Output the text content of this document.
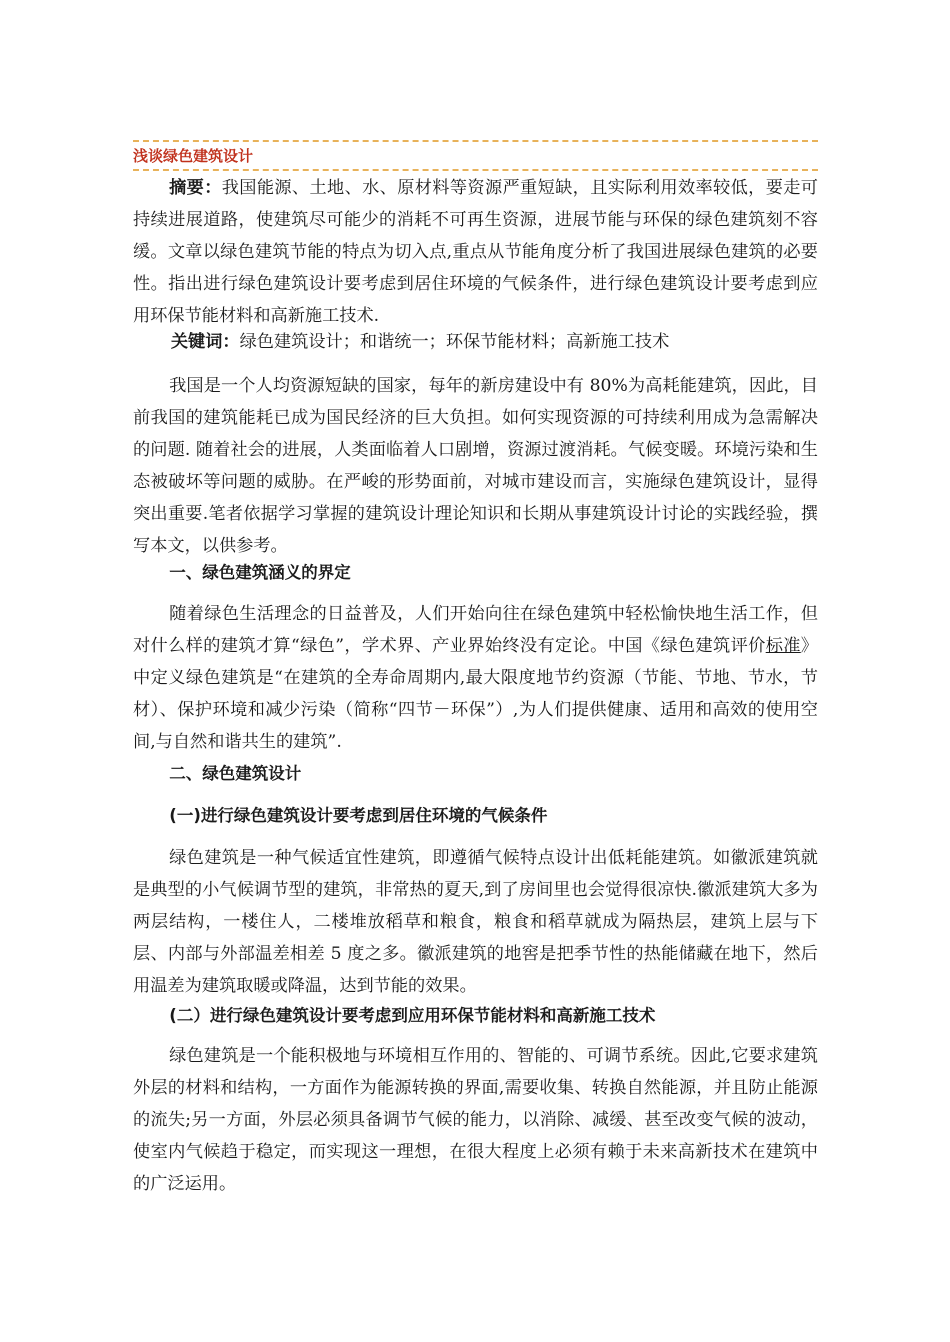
浅谈绿色建筑设计

摘要：我国能源、土地、水、原材料等资源严重短缺，且实际利用效率较低，要走可持续进展道路，使建筑尽可能少的消耗不可再生资源，进展节能与环保的绿色建筑刻不容缓。文章以绿色建筑节能的特点为切入点,重点从节能角度分析了我国进展绿色建筑的必要性。指出进行绿色建筑设计要考虑到居住环境的气候条件，进行绿色建筑设计要考虑到应用环保节能材料和高新施工技术.

关键词：绿色建筑设计；和谐统一；环保节能材料；高新施工技术

我国是一个人均资源短缺的国家，每年的新房建设中有 80%为高耗能建筑，因此，目前我国的建筑能耗已成为国民经济的巨大负担。如何实现资源的可持续利用成为急需解决的问题. 随着社会的进展，人类面临着人口剧增，资源过渡消耗。气候变暖。环境污染和生态被破坏等问题的威胁。在严峻的形势面前，对城市建设而言，实施绿色建筑设计，显得突出重要.笔者依据学习掌握的建筑设计理论知识和长期从事建筑设计讨论的实践经验，撰写本文，以供参考。

一、绿色建筑涵义的界定

随着绿色生活理念的日益普及，人们开始向往在绿色建筑中轻松愉快地生活工作，但对什么样的建筑才算“绿色”，学术界、产业界始终没有定论。中国《绿色建筑评价标准》中定义绿色建筑是“在建筑的全寿命周期内,最大限度地节约资源（节能、节地、节水，节材）、保护环境和减少污染（简称“四节－环保”）,为人们提供健康、适用和高效的使用空间,与自然和谐共生的建筑”.

二、绿色建筑设计
(一)进行绿色建筑设计要考虑到居住环境的气候条件

绿色建筑是一种气候适宜性建筑，即遵循气候特点设计出低耗能建筑。如徽派建筑就是典型的小气候调节型的建筑，非常热的夏天,到了房间里也会觉得很凉快.徽派建筑大多为两层结构，一楼住人，二楼堆放稻草和粮食，粮食和稻草就成为隔热层，建筑上层与下层、内部与外部温差相差 5 度之多。徽派建筑的地窖是把季节性的热能储藏在地下，然后用温差为建筑取暖或降温，达到节能的效果。

(二）进行绿色建筑设计要考虑到应用环保节能材料和高新施工技术

绿色建筑是一个能积极地与环境相互作用的、智能的、可调节系统。因此,它要求建筑外层的材料和结构，一方面作为能源转换的界面,需要收集、转换自然能源，并且防止能源的流失;另一方面，外层必须具备调节气候的能力，以消除、减缓、甚至改变气候的波动，使室内气候趋于稳定，而实现这一理想，在很大程度上必须有赖于未来高新技术在建筑中的广泛运用。
